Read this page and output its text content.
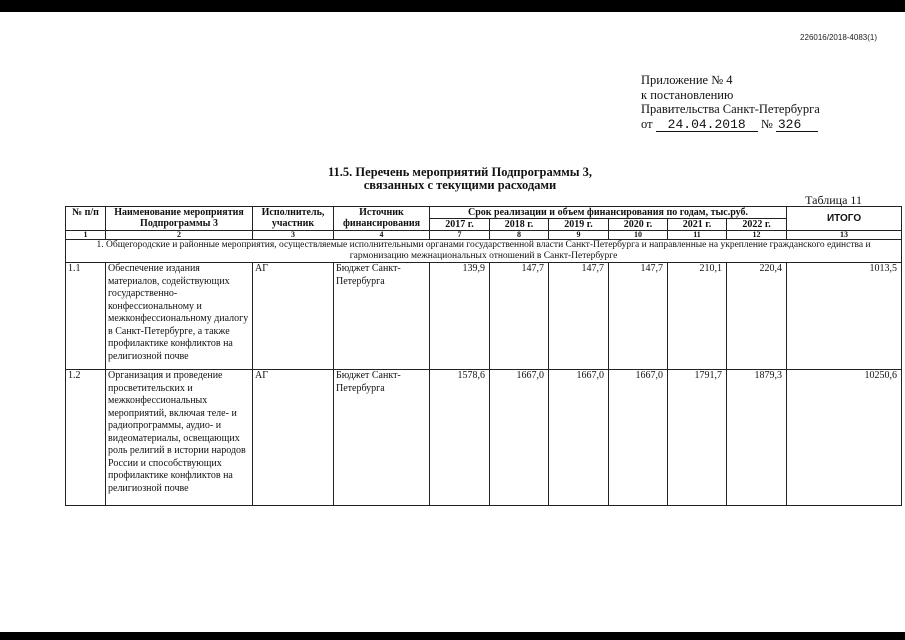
226016/2018-4083(1)
Приложение № 4
к постановлению
Правительства Санкт-Петербурга
от 24.04.2018 № 326
11.5. Перечень мероприятий Подпрограммы 3,
связанных с текущими расходами
Таблица 11
№ п/п	Наименование мероприятия Подпрограммы 3	Исполнитель, участник	Источник финансирования	Срок реализации и объем финансирования по годам, тыс.руб.						ИТОГО
				2017 г.	2018 г.	2019 г.	2020 г.	2021 г.	2022 г.	
1	2	3	4	7	8	9	10	11	12	13
1. Общегородские и районные мероприятия, осуществляемые исполнительными органами государственной власти Санкт-Петербурга и направленные на укрепление гражданского единства и гармонизацию межнациональных отношений в Санкт-Петербурге										
1.1	Обеспечение издания материалов, содействующих государственно-конфессиональному и межконфессиональному диалогу в Санкт-Петербурге, а также профилактике конфликтов на религиозной почве	АГ	Бюджет Санкт-Петербурга	139,9	147,7	147,7	147,7	210,1	220,4	1013,5
1.2	Организация и проведение просветительских и межконфессиональных мероприятий, включая теле- и радиопрограммы, аудио- и видеоматериалы, освещающих роль религий в истории народов России и способствующих профилактике конфликтов на религиозной почве	АГ	Бюджет Санкт-Петербурга	1578,6	1667,0	1667,0	1667,0	1791,7	1879,3	10250,6
